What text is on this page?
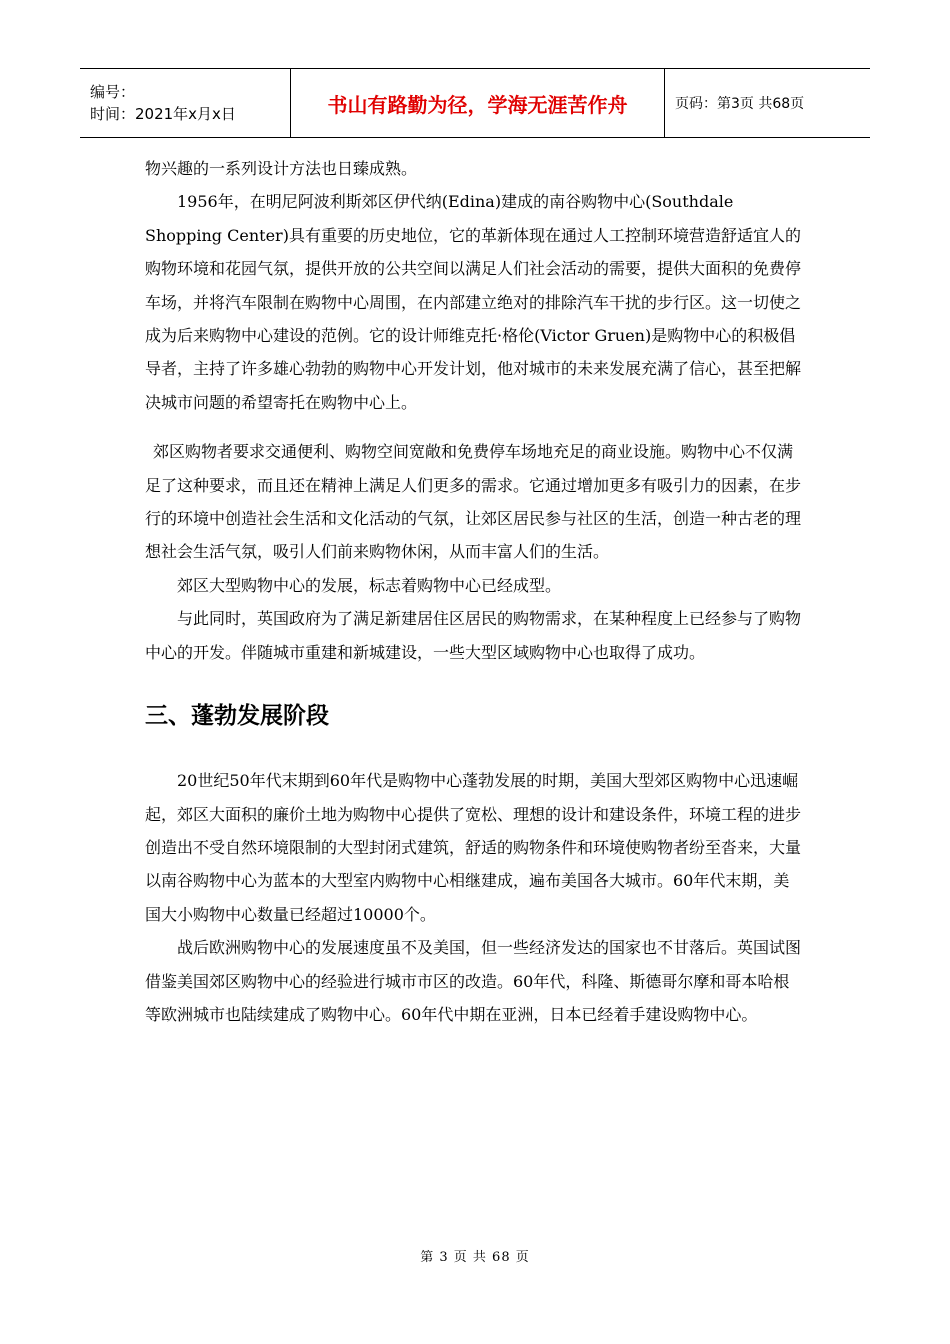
编号：
时间：2021年x月x日	书山有路勤为径，学海无涯苦作舟	页码：第3页 共68页

物兴趣的一系列设计方法也日臻成熟。

1956年，在明尼阿波利斯郊区伊代纳(Edina)建成的南谷购物中心(Southdale Shopping Center)具有重要的历史地位，它的革新体现在通过人工控制环境营造舒适宜人的购物环境和花园气氛，提供开放的公共空间以满足人们社会活动的需要，提供大面积的免费停车场，并将汽车限制在购物中心周围，在内部建立绝对的排除汽车干扰的步行区。这一切使之成为后来购物中心建设的范例。它的设计师维克托·格伦(Victor Gruen)是购物中心的积极倡导者，主持了许多雄心勃勃的购物中心开发计划，他对城市的未来发展充满了信心，甚至把解决城市问题的希望寄托在购物中心上。

郊区购物者要求交通便利、购物空间宽敞和免费停车场地充足的商业设施。购物中心不仅满足了这种要求，而且还在精神上满足人们更多的需求。它通过增加更多有吸引力的因素，在步行的环境中创造社会生活和文化活动的气氛，让郊区居民参与社区的生活，创造一种古老的理想社会生活气氛，吸引人们前来购物休闲，从而丰富人们的生活。

郊区大型购物中心的发展，标志着购物中心已经成型。

与此同时，英国政府为了满足新建居住区居民的购物需求，在某种程度上已经参与了购物中心的开发。伴随城市重建和新城建设，一些大型区域购物中心也取得了成功。

三、蓬勃发展阶段

20世纪50年代末期到60年代是购物中心蓬勃发展的时期，美国大型郊区购物中心迅速崛起，郊区大面积的廉价土地为购物中心提供了宽松、理想的设计和建设条件，环境工程的进步创造出不受自然环境限制的大型封闭式建筑，舒适的购物条件和环境使购物者纷至沓来，大量以南谷购物中心为蓝本的大型室内购物中心相继建成，遍布美国各大城市。60年代末期，美国大小购物中心数量已经超过10000个。

战后欧洲购物中心的发展速度虽不及美国，但一些经济发达的国家也不甘落后。英国试图借鉴美国郊区购物中心的经验进行城市市区的改造。60年代，科隆、斯德哥尔摩和哥本哈根等欧洲城市也陆续建成了购物中心。60年代中期在亚洲，日本已经着手建设购物中心。

第 3 页 共 68 页
